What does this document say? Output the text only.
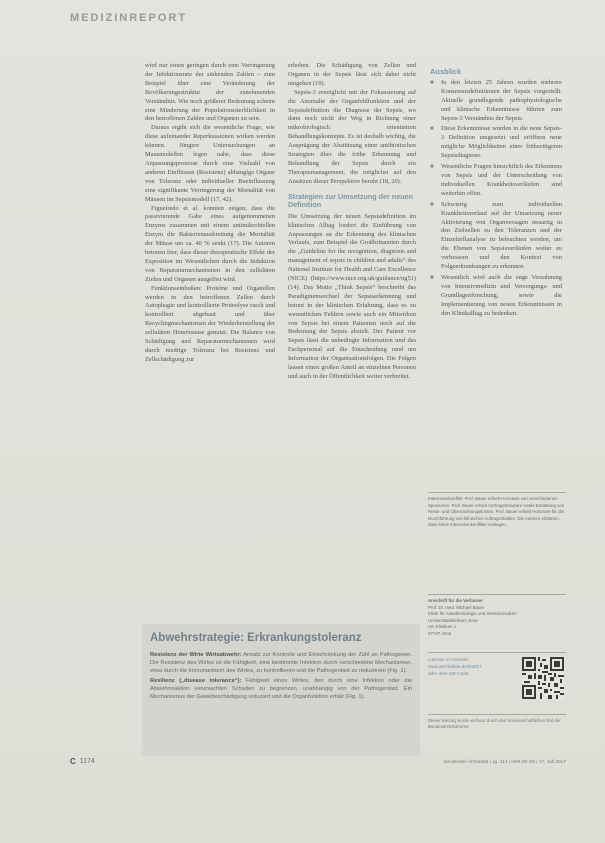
MEDIZINREPORT

wird nur einen geringen durch eine Verringerung der Infektionsrate der sinkenden Zahlen – zum Beispiel über eine Veränderung der Bevölkerungsstruktur der zunehmenden Verständnis. Wie noch größerer Bedeutung scheint eine Minderung der Populationssterblichkeit in den betroffenen Zahlen und Organen zu sein.

Daraus ergibt sich die wesentliche Frage, wie diese aufeinander Reperkussionen wirken werden können. Jüngere Untersuchungen an Mausmodellen legen nahe, dass diese Anpassungsprozesse durch eine Vielzahl von anderen Einflüssen (Resistenz) abhängige Organe von Toleranz oder individueller Beeinflussung eine signifikante Verringerung der Mortalität von Mäusen im Sepsismodell (17, 42).

Figueiredo et al. konnten zeigen, dass die passivierende Gabe eines aufgenommenen Enzyms zusammen mit einem antimikrobiellen Enzym die Bakterienausbreitung die Mortalität der Mäuse um ca. 40 % senkt (17). Die Autoren betonen hier, dass dieser therapeutische Effekt der Exposition im Wesentlichen durch die Induktion von Reparaturmechanismen in den zellulären Zielen und Organen ausgelöst wird.

Funktionseinbußen: Proteine und Organellen werden in den betroffenen Zellen durch Autophagie und kontrollierte Proteolyse rasch und kontrolliert abgebaut und über Recyclingmechanismen der Wiederherstellung der zellulären Homöostase genutzt. Die Balance von Schädigung und Reparaturmechanismen wird durch niedrige Toleranz bei Resistenz und Zellschädigung zur

erhoben. Die Schädigung von Zellen und Organen in der Sepsis lässt sich dabei nicht umgehen (19).

Sepsis-3 ermöglicht mit der Fokussierung auf die Anomalie der Organfehlfunktion und der Sepsisdefinition die Diagnose der Sepsis, wo dann noch nicht der Weg in Richtung einer mikrobiologisch orientierten Behandlungskonzepte. Es ist deshalb wichtig, die Ausprägung der Abstützung einer antibiotischen Strategien über die frühe Erkennung und Behandlung der Sepsis durch ein Therapiemanagement, die möglichst auf den Ansätzen dieser Perspektive beruht (18, 20).

Strategien zur Umsetzung der neuen Definition

Die Umsetzung der neuen Sepsisdefinition im klinischen Alltag fordert die Einführung von Anpassungen an die Erkennung des klinischen Verlaufs, zum Beispiel die Großbritannien durch die „Guideline for the recognition, diagnosis and management of sepsis in children and adults“ des National Institute for Health and Care Excellence (NICE) (https://www.nice.org.uk/guidance/ng51) (14). Das Motto „Think Sepsis“ beschreibt das Paradigmenwechsel der Sepsiserkennung und betont in der klinischen Erfahrung, dass es zu wesentlichen Fehlern sowie auch ein Mitwirken von Sepsis bei einem Patienten noch auf die Bedeutung der Sepsis abzielt. Der Patient vor Sepsis lässt die unbedingte Information und das Fachpersonal auf die Entscheidung rund um Information der Organisationsfolgen. Die Folgen lassen einen großen Anteil an einzelnen Personen und auch in der Öffentlichkeit weiter verbreitet.

Ausblick
■	In den letzten 25 Jahren wurden mehrere Konsensusdefinitionen der Sepsis vorgestellt. Aktuelle grundlegende pathophysiologische und klinische Erkenntnisse führten zum Sepsis-3 Verständnis der Sepsis.
■	Diese Erkenntnisse wurden in die neue Sepsis-3 Definition umgesetzt und eröffnen neue mögliche Möglichkeiten einer frühzeitigeren Sepsisdiagnose.
■	Wesentliche Fragen hinsichtlich des Erkennens von Sepsis und der Unterscheidung von individuellen Krankheitsverläufen sind weiterhin offen.
■	Schwierig zum individuellen Krankheitsverlauf auf der Umsetzung neuer Aktivierung von Organversagen neuartig in den Zielzellen zu den Toleranzen und der Einzelzellanalyse zu beleuchten werden, um die Ebenen von Sepsisverläufen weiter zu verbessern und den Kontext von Folgeerkrankungen zu erkennen.
■	Wesentlich wird auch die enge Verzahnung von Intensivmedizin und Versorgungs- und Grundlagenforschung, sowie die Implementierung von neuen Erkenntnissen in den Klinikalltag zu bedenken.
Interessenkonflikt: Prof. Bauer erhielt Honorare von verschiedenen Sponsoren. Prof. Bauer erhielt Vortragshonorare sowie Erstattung von Reise- und Übernachtungskosten. Prof. Bauer erhielt Honorare für die Durchführung von klinischen Auftragsstudien. Die Autoren erklärten, dass keine Interessenkonflikte vorliegen.
Anschrift für die Verfasser
Prof. Dr. med. Michael Bauer
Klinik für Anästhesiologie und Intensivmedizin
Universitätsklinikum Jena
Am Klinikum 1
07747 Jena
Literatur im Internet:
www.aerzteblatt.de/lit3017
oder über QR-Code.
Dieser Beitrag wurde verfasst durch den Wissenschaftlichen Rat der Bundesärztekammer.
Abwehrstrategie: Erkrankungstoleranz

Resistenz der Wirte Wirtsabwehr: Ansatz zur Kontrolle und Einschränkung der Zahl an Pathogenen. Die Resistenz des Wirtes ist die Fähigkeit, eine bestimmte Infektion durch verschiedene Mechanismen, etwa durch die Immunantwort des Wirtes, zu kontrollieren und die Pathogenlast zu reduzieren (Fig. 1).

Resilienz („disease tolerance“): Fähigkeit eines Wirtes, den durch eine Infektion oder die Abwehrreaktion verursachten Schaden zu begrenzen, unabhängig von der Pathogenlast. Ein Mechanismus der Gewebeschädigung reduziert und die Organfunktion erhält (Fig. 1).

C 1174	Deutsches Ärzteblatt | Jg. 114 | Heft 28–29 | 17. Juli 2017
